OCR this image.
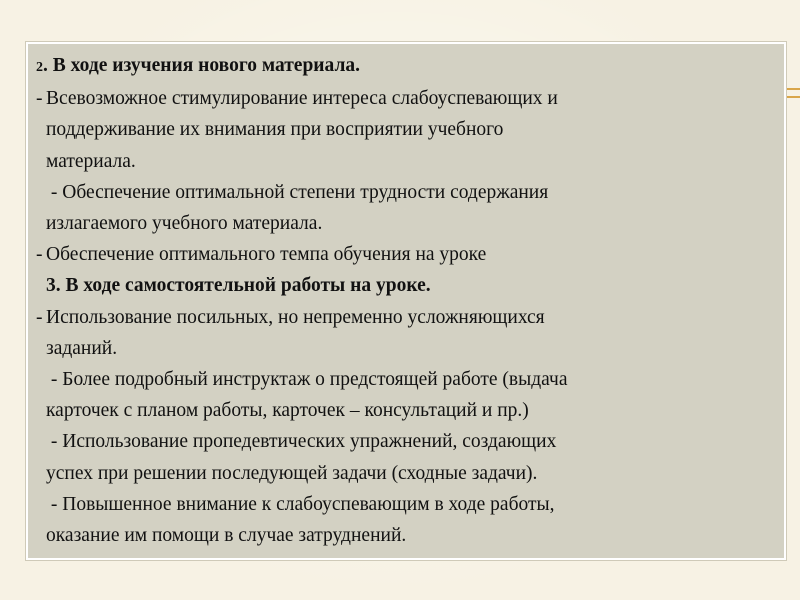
2. В ходе изучения нового материала.
- Всевозможное стимулирование интереса слабоуспевающих и
поддерживание их внимания при восприятии учебного
материала.
- Обеспечение оптимальной степени трудности содержания
излагаемого учебного материала.
- Обеспечение оптимального темпа обучения на уроке
3. В ходе самостоятельной работы на уроке.
- Использование посильных, но непременно усложняющихся
заданий.
- Более подробный инструктаж о предстоящей работе (выдача
карточек с планом работы, карточек – консультаций и пр.)
- Использование пропедевтических упражнений, создающих
успех при решении последующей задачи (сходные задачи).
- Повышенное внимание к слабоуспевающим в ходе работы,
оказание им помощи в случае затруднений.
